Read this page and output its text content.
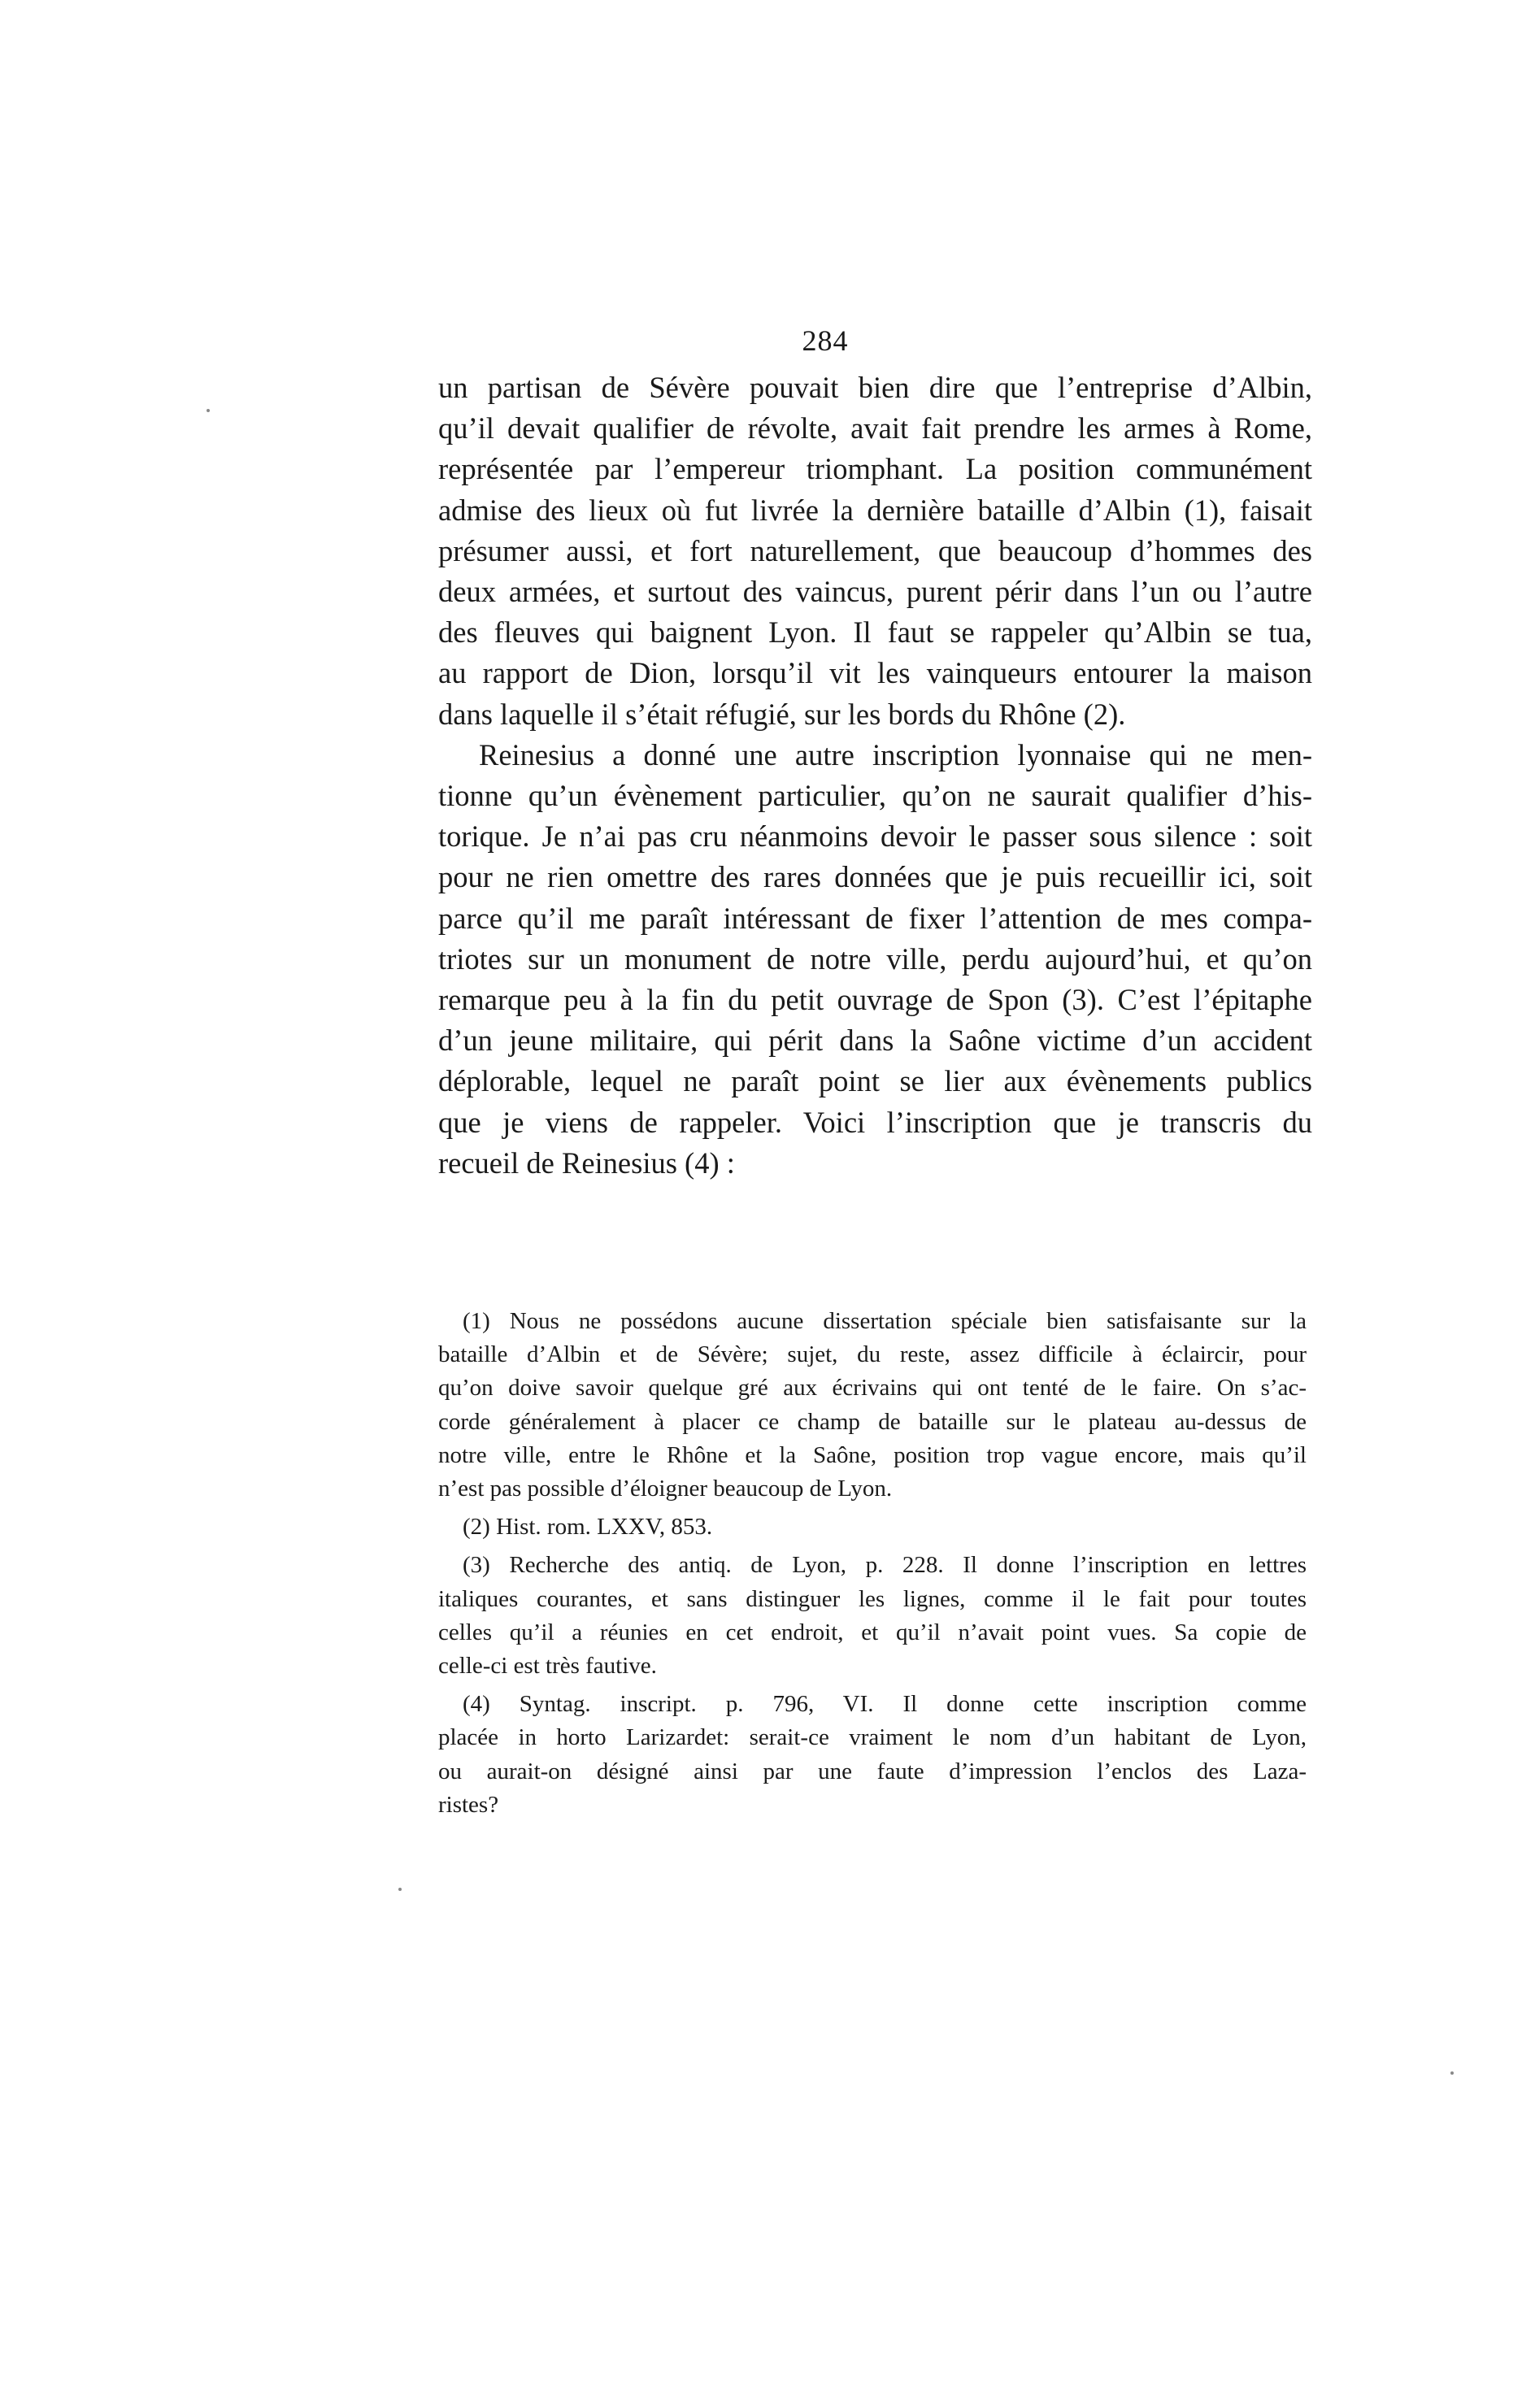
284

un partisan de Sévère pouvait bien dire que l’entreprise d’Albin,

qu’il devait qualifier de révolte, avait fait prendre les armes à Rome,

représentée par l’empereur triomphant. La position communément

admise des lieux où fut livrée la dernière bataille d’Albin (1), faisait

présumer aussi, et fort naturellement, que beaucoup d’hommes des

deux armées, et surtout des vaincus, purent périr dans l’un ou l’autre

des fleuves qui baignent Lyon. Il faut se rappeler qu’Albin se tua,

au rapport de Dion, lorsqu’il vit les vainqueurs entourer la maison

dans laquelle il s’était réfugié, sur les bords du Rhône (2).

Reinesius a donné une autre inscription lyonnaise qui ne men-

tionne qu’un évènement particulier, qu’on ne saurait qualifier d’his-

torique. Je n’ai pas cru néanmoins devoir le passer sous silence : soit

pour ne rien omettre des rares données que je puis recueillir ici, soit

parce qu’il me paraît intéressant de fixer l’attention de mes compa-

triotes sur un monument de notre ville, perdu aujourd’hui, et qu’on

remarque peu à la fin du petit ouvrage de Spon (3). C’est l’épitaphe

d’un jeune militaire, qui périt dans la Saône victime d’un accident

déplorable, lequel ne paraît point se lier aux évènements publics

que je viens de rappeler. Voici l’inscription que je transcris du

recueil de Reinesius (4) :

(1) Nous ne possédons aucune dissertation spéciale bien satisfaisante sur la

bataille d’Albin et de Sévère; sujet, du reste, assez difficile à éclaircir, pour

qu’on doive savoir quelque gré aux écrivains qui ont tenté de le faire. On s’ac-

corde généralement à placer ce champ de bataille sur le plateau au-dessus de

notre ville, entre le Rhône et la Saône, position trop vague encore, mais qu’il

n’est pas possible d’éloigner beaucoup de Lyon.

(2) Hist. rom. LXXV, 853.

(3) Recherche des antiq. de Lyon, p. 228. Il donne l’inscription en lettres

italiques courantes, et sans distinguer les lignes, comme il le fait pour toutes

celles qu’il a réunies en cet endroit, et qu’il n’avait point vues. Sa copie de

celle-ci est très fautive.

(4) Syntag. inscript. p. 796, VI. Il donne cette inscription comme

placée in horto Larizardet: serait-ce vraiment le nom d’un habitant de Lyon,

ou aurait-on désigné ainsi par une faute d’impression l’enclos des Laza-

ristes?
